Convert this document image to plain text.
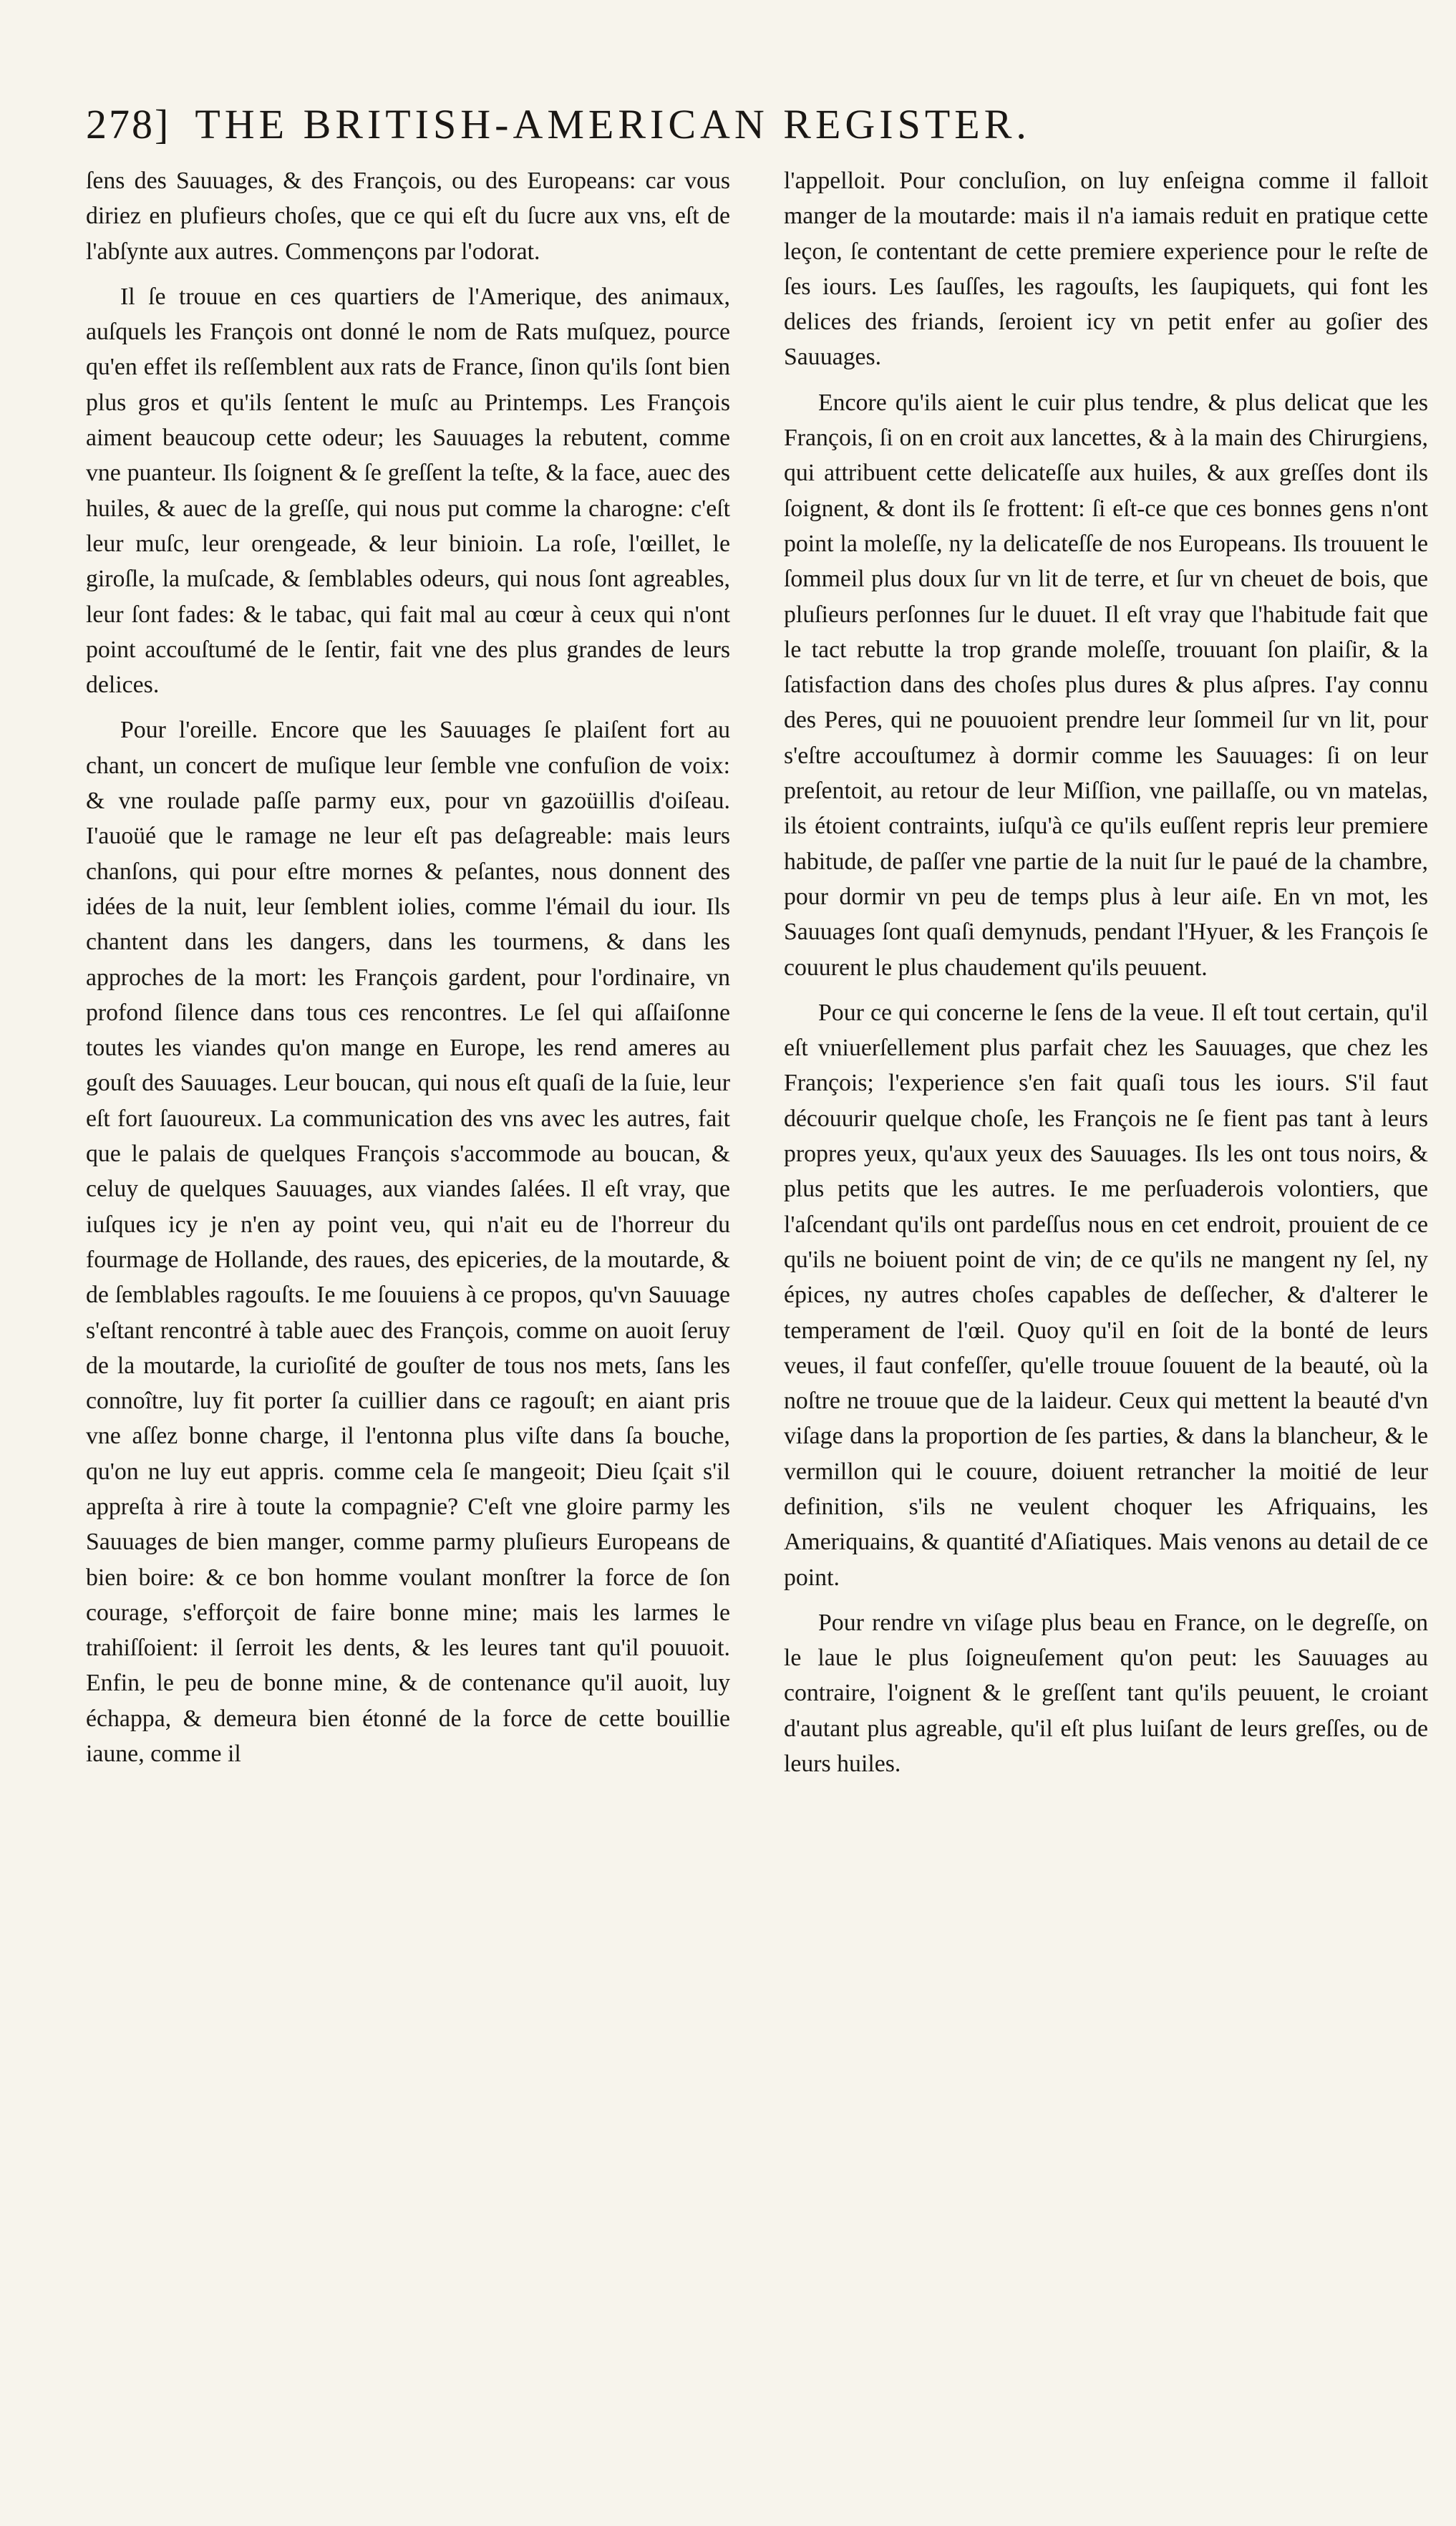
278] THE BRITISH-AMERICAN REGISTER.

ſens des Sauuages, & des François, ou des Europeans: car vous diriez en plufieurs choſes, que ce qui eſt du ſucre aux vns, eſt de l'abſynte aux autres. Commençons par l'odorat.

Il ſe trouue en ces quartiers de l'Amerique, des animaux, auſquels les François ont donné le nom de Rats muſquez, pource qu'en effet ils reſſemblent aux rats de France, ſinon qu'ils ſont bien plus gros et qu'ils ſentent le muſc au Printemps. Les François aiment beaucoup cette odeur; les Sauuages la rebutent, comme vne puanteur. Ils ſoignent & ſe greſſent la teſte, & la face, auec des huiles, & auec de la greſſe, qui nous put comme la charogne: c'eſt leur muſc, leur orengeade, & leur binioin. La roſe, l'œillet, le giroſle, la muſcade, & ſemblables odeurs, qui nous ſont agreables, leur ſont fades: & le tabac, qui fait mal au cœur à ceux qui n'ont point accouſtumé de le ſentir, fait vne des plus grandes de leurs delices.

Pour l'oreille. Encore que les Sauuages ſe plaiſent fort au chant, un concert de muſique leur ſemble vne confuſion de voix: & vne roulade paſſe parmy eux, pour vn gazoüillis d'oiſeau. I'auoüé que le ramage ne leur eſt pas deſagreable: mais leurs chanſons, qui pour eſtre mornes & peſantes, nous donnent des idées de la nuit, leur ſemblent iolies, comme l'émail du iour. Ils chantent dans les dangers, dans les tourmens, & dans les approches de la mort: les François gardent, pour l'ordinaire, vn profond ſilence dans tous ces rencontres. Le ſel qui aſſaiſonne toutes les viandes qu'on mange en Europe, les rend ameres au gouſt des Sauuages. Leur boucan, qui nous eſt quaſi de la ſuie, leur eſt fort ſauoureux. La communication des vns avec les autres, fait que le palais de quelques François s'accommode au boucan, & celuy de quelques Sauuages, aux viandes ſalées. Il eſt vray, que iuſques icy je n'en ay point veu, qui n'ait eu de l'horreur du fourmage de Hollande, des raues, des epiceries, de la moutarde, & de ſemblables ragouſts. Ie me ſouuiens à ce propos, qu'vn Sauuage s'eſtant rencontré à table auec des François, comme on auoit ſeruy de la moutarde, la curioſité de gouſter de tous nos mets, ſans les connoître, luy fit porter ſa cuillier dans ce ragouſt; en aiant pris vne aſſez bonne charge, il l'entonna plus viſte dans ſa bouche, qu'on ne luy eut appris. comme cela ſe mangeoit; Dieu ſçait s'il appreſta à rire à toute la compagnie? C'eſt vne gloire parmy les Sauuages de bien manger, comme parmy pluſieurs Europeans de bien boire: & ce bon homme voulant monſtrer la force de ſon courage, s'efforçoit de faire bonne mine; mais les larmes le trahiſſoient: il ſerroit les dents, & les leures tant qu'il pouuoit. Enfin, le peu de bonne mine, & de contenance qu'il auoit, luy échappa, & demeura bien étonné de la force de cette bouillie iaune, comme il

l'appelloit. Pour concluſion, on luy enſeigna comme il falloit manger de la moutarde: mais il n'a iamais reduit en pratique cette leçon, ſe contentant de cette premiere experience pour le reſte de ſes iours. Les ſauſſes, les ragouſts, les ſaupiquets, qui font les delices des friands, ſeroient icy vn petit enfer au goſier des Sauuages.

Encore qu'ils aient le cuir plus tendre, & plus delicat que les François, ſi on en croit aux lancettes, & à la main des Chirurgiens, qui attribuent cette delicateſſe aux huiles, & aux greſſes dont ils ſoignent, & dont ils ſe frottent: ſi eſt-ce que ces bonnes gens n'ont point la moleſſe, ny la delicateſſe de nos Europeans. Ils trouuent le ſommeil plus doux ſur vn lit de terre, et ſur vn cheuet de bois, que pluſieurs perſonnes ſur le duuet. Il eſt vray que l'habitude fait que le tact rebutte la trop grande moleſſe, trouuant ſon plaiſir, & la ſatisfaction dans des choſes plus dures & plus aſpres. I'ay connu des Peres, qui ne pouuoient prendre leur ſommeil ſur vn lit, pour s'eſtre accouſtumez à dormir comme les Sauuages: ſi on leur preſentoit, au retour de leur Miſſion, vne paillaſſe, ou vn matelas, ils étoient contraints, iuſqu'à ce qu'ils euſſent repris leur premiere habitude, de paſſer vne partie de la nuit ſur le paué de la chambre, pour dormir vn peu de temps plus à leur aiſe. En vn mot, les Sauuages ſont quaſi demynuds, pendant l'Hyuer, & les François ſe couurent le plus chaudement qu'ils peuuent.

Pour ce qui concerne le ſens de la veue. Il eſt tout certain, qu'il eſt vniuerſellement plus parfait chez les Sauuages, que chez les François; l'experience s'en fait quaſi tous les iours. S'il faut découurir quelque choſe, les François ne ſe fient pas tant à leurs propres yeux, qu'aux yeux des Sauuages. Ils les ont tous noirs, & plus petits que les autres. Ie me perſuaderois volontiers, que l'aſcendant qu'ils ont pardeſſus nous en cet endroit, prouient de ce qu'ils ne boiuent point de vin; de ce qu'ils ne mangent ny ſel, ny épices, ny autres choſes capables de deſſecher, & d'alterer le temperament de l'œil. Quoy qu'il en ſoit de la bonté de leurs veues, il faut confeſſer, qu'elle trouue ſouuent de la beauté, où la noſtre ne trouue que de la laideur. Ceux qui mettent la beauté d'vn viſage dans la proportion de ſes parties, & dans la blancheur, & le vermillon qui le couure, doiuent retrancher la moitié de leur definition, s'ils ne veulent choquer les Afriquains, les Ameriquains, & quantité d'Aſiatiques. Mais venons au detail de ce point.

Pour rendre vn viſage plus beau en France, on le degreſſe, on le laue le plus ſoigneuſement qu'on peut: les Sauuages au contraire, l'oignent & le greſſent tant qu'ils peuuent, le croiant d'autant plus agreable, qu'il eſt plus luiſant de leurs greſſes, ou de leurs huiles.
